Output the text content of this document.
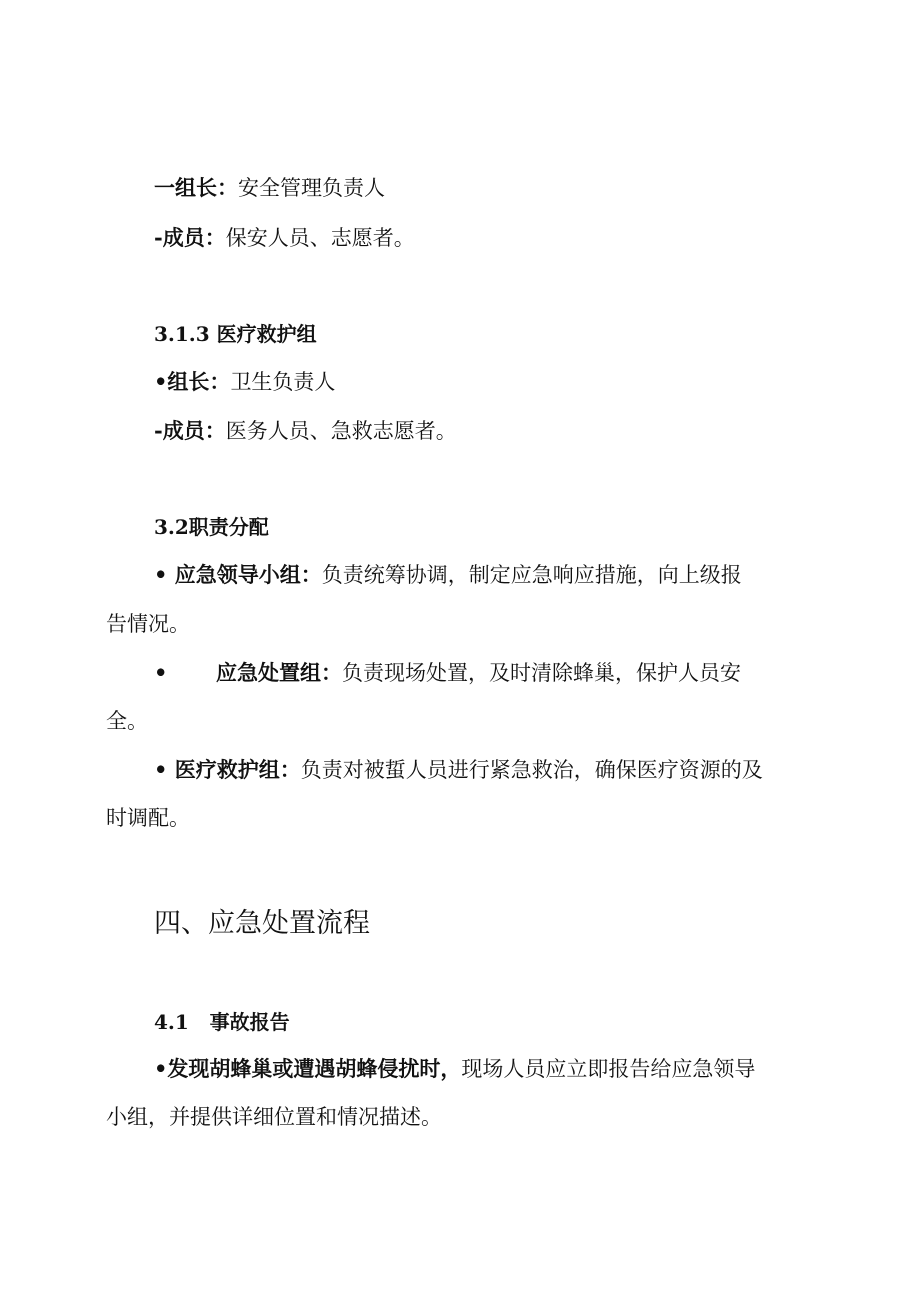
一组长：安全管理负责人
-成员：保安人员、志愿者。
3.1.3 医疗救护组
•组长：卫生负责人
-成员：医务人员、急救志愿者。
3.2职责分配
• 应急领导小组：负责统筹协调，制定应急响应措施，向上级报
告情况。
• 应急处置组：负责现场处置，及时清除蜂巢，保护人员安
全。
• 医疗救护组：负责对被蜇人员进行紧急救治，确保医疗资源的及
时调配。
四、应急处置流程
4.1   事故报告
•发现胡蜂巢或遭遇胡蜂侵扰时，现场人员应立即报告给应急领导
小组，并提供详细位置和情况描述。
